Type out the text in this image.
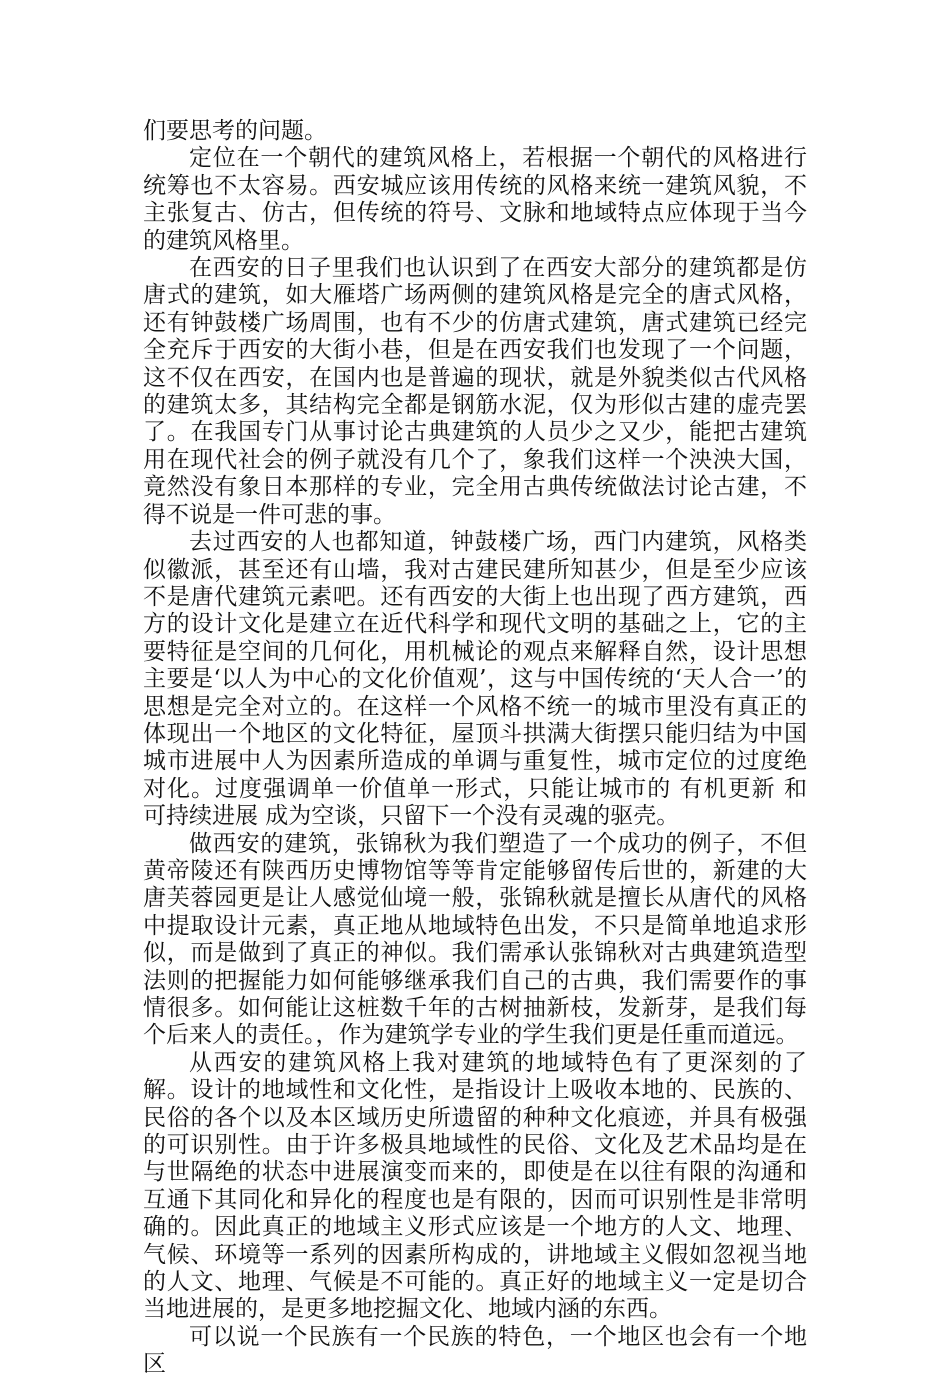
们要思考的问题。

定位在一个朝代的建筑风格上，若根据一个朝代的风格进行统筹也不太容易。西安城应该用传统的风格来统一建筑风貌，不主张复古、仿古，但传统的符号、文脉和地域特点应体现于当今的建筑风格里。

在西安的日子里我们也认识到了在西安大部分的建筑都是仿唐式的建筑，如大雁塔广场两侧的建筑风格是完全的唐式风格，还有钟鼓楼广场周围，也有不少的仿唐式建筑，唐式建筑已经完全充斥于西安的大街小巷，但是在西安我们也发现了一个问题，这不仅在西安，在国内也是普遍的现状，就是外貌类似古代风格的建筑太多，其结构完全都是钢筋水泥，仅为形似古建的虚壳罢了。在我国专门从事讨论古典建筑的人员少之又少，能把古建筑用在现代社会的例子就没有几个了，象我们这样一个泱泱大国，竟然没有象日本那样的专业，完全用古典传统做法讨论古建，不得不说是一件可悲的事。

去过西安的人也都知道，钟鼓楼广场，西门内建筑，风格类似徽派，甚至还有山墙，我对古建民建所知甚少，但是至少应该不是唐代建筑元素吧。还有西安的大街上也出现了西方建筑，西方的设计文化是建立在近代科学和现代文明的基础之上，它的主要特征是空间的几何化，用机械论的观点来解释自然，设计思想主要是‘以人为中心的文化价值观’，这与中国传统的‘天人合一’的思想是完全对立的。在这样一个风格不统一的城市里没有真正的体现出一个地区的文化特征，屋顶斗拱满大街摆只能归结为中国城市进展中人为因素所造成的单调与重复性，城市定位的过度绝对化。过度强调单一价值单一形式，只能让城市的 有机更新 和 可持续进展 成为空谈，只留下一个没有灵魂的驱壳。

做西安的建筑，张锦秋为我们塑造了一个成功的例子，不但黄帝陵还有陕西历史博物馆等等肯定能够留传后世的，新建的大唐芙蓉园更是让人感觉仙境一般，张锦秋就是擅长从唐代的风格中提取设计元素，真正地从地域特色出发，不只是简单地追求形似，而是做到了真正的神似。我们需承认张锦秋对古典建筑造型法则的把握能力如何能够继承我们自己的古典，我们需要作的事情很多。如何能让这桩数千年的古树抽新枝，发新芽，是我们每个后来人的责任。，作为建筑学专业的学生我们更是任重而道远。

从西安的建筑风格上我对建筑的地域特色有了更深刻的了解。设计的地域性和文化性，是指设计上吸收本地的、民族的、民俗的各个以及本区域历史所遗留的种种文化痕迹，并具有极强的可识别性。由于许多极具地域性的民俗、文化及艺术品均是在与世隔绝的状态中进展演变而来的，即使是在以往有限的沟通和互通下其同化和异化的程度也是有限的，因而可识别性是非常明确的。因此真正的地域主义形式应该是一个地方的人文、地理、气候、环境等一系列的因素所构成的，讲地域主义假如忽视当地的人文、地理、气候是不可能的。真正好的地域主义一定是切合当地进展的，是更多地挖掘文化、地域内涵的东西。

可以说一个民族有一个民族的特色，一个地区也会有一个地区
